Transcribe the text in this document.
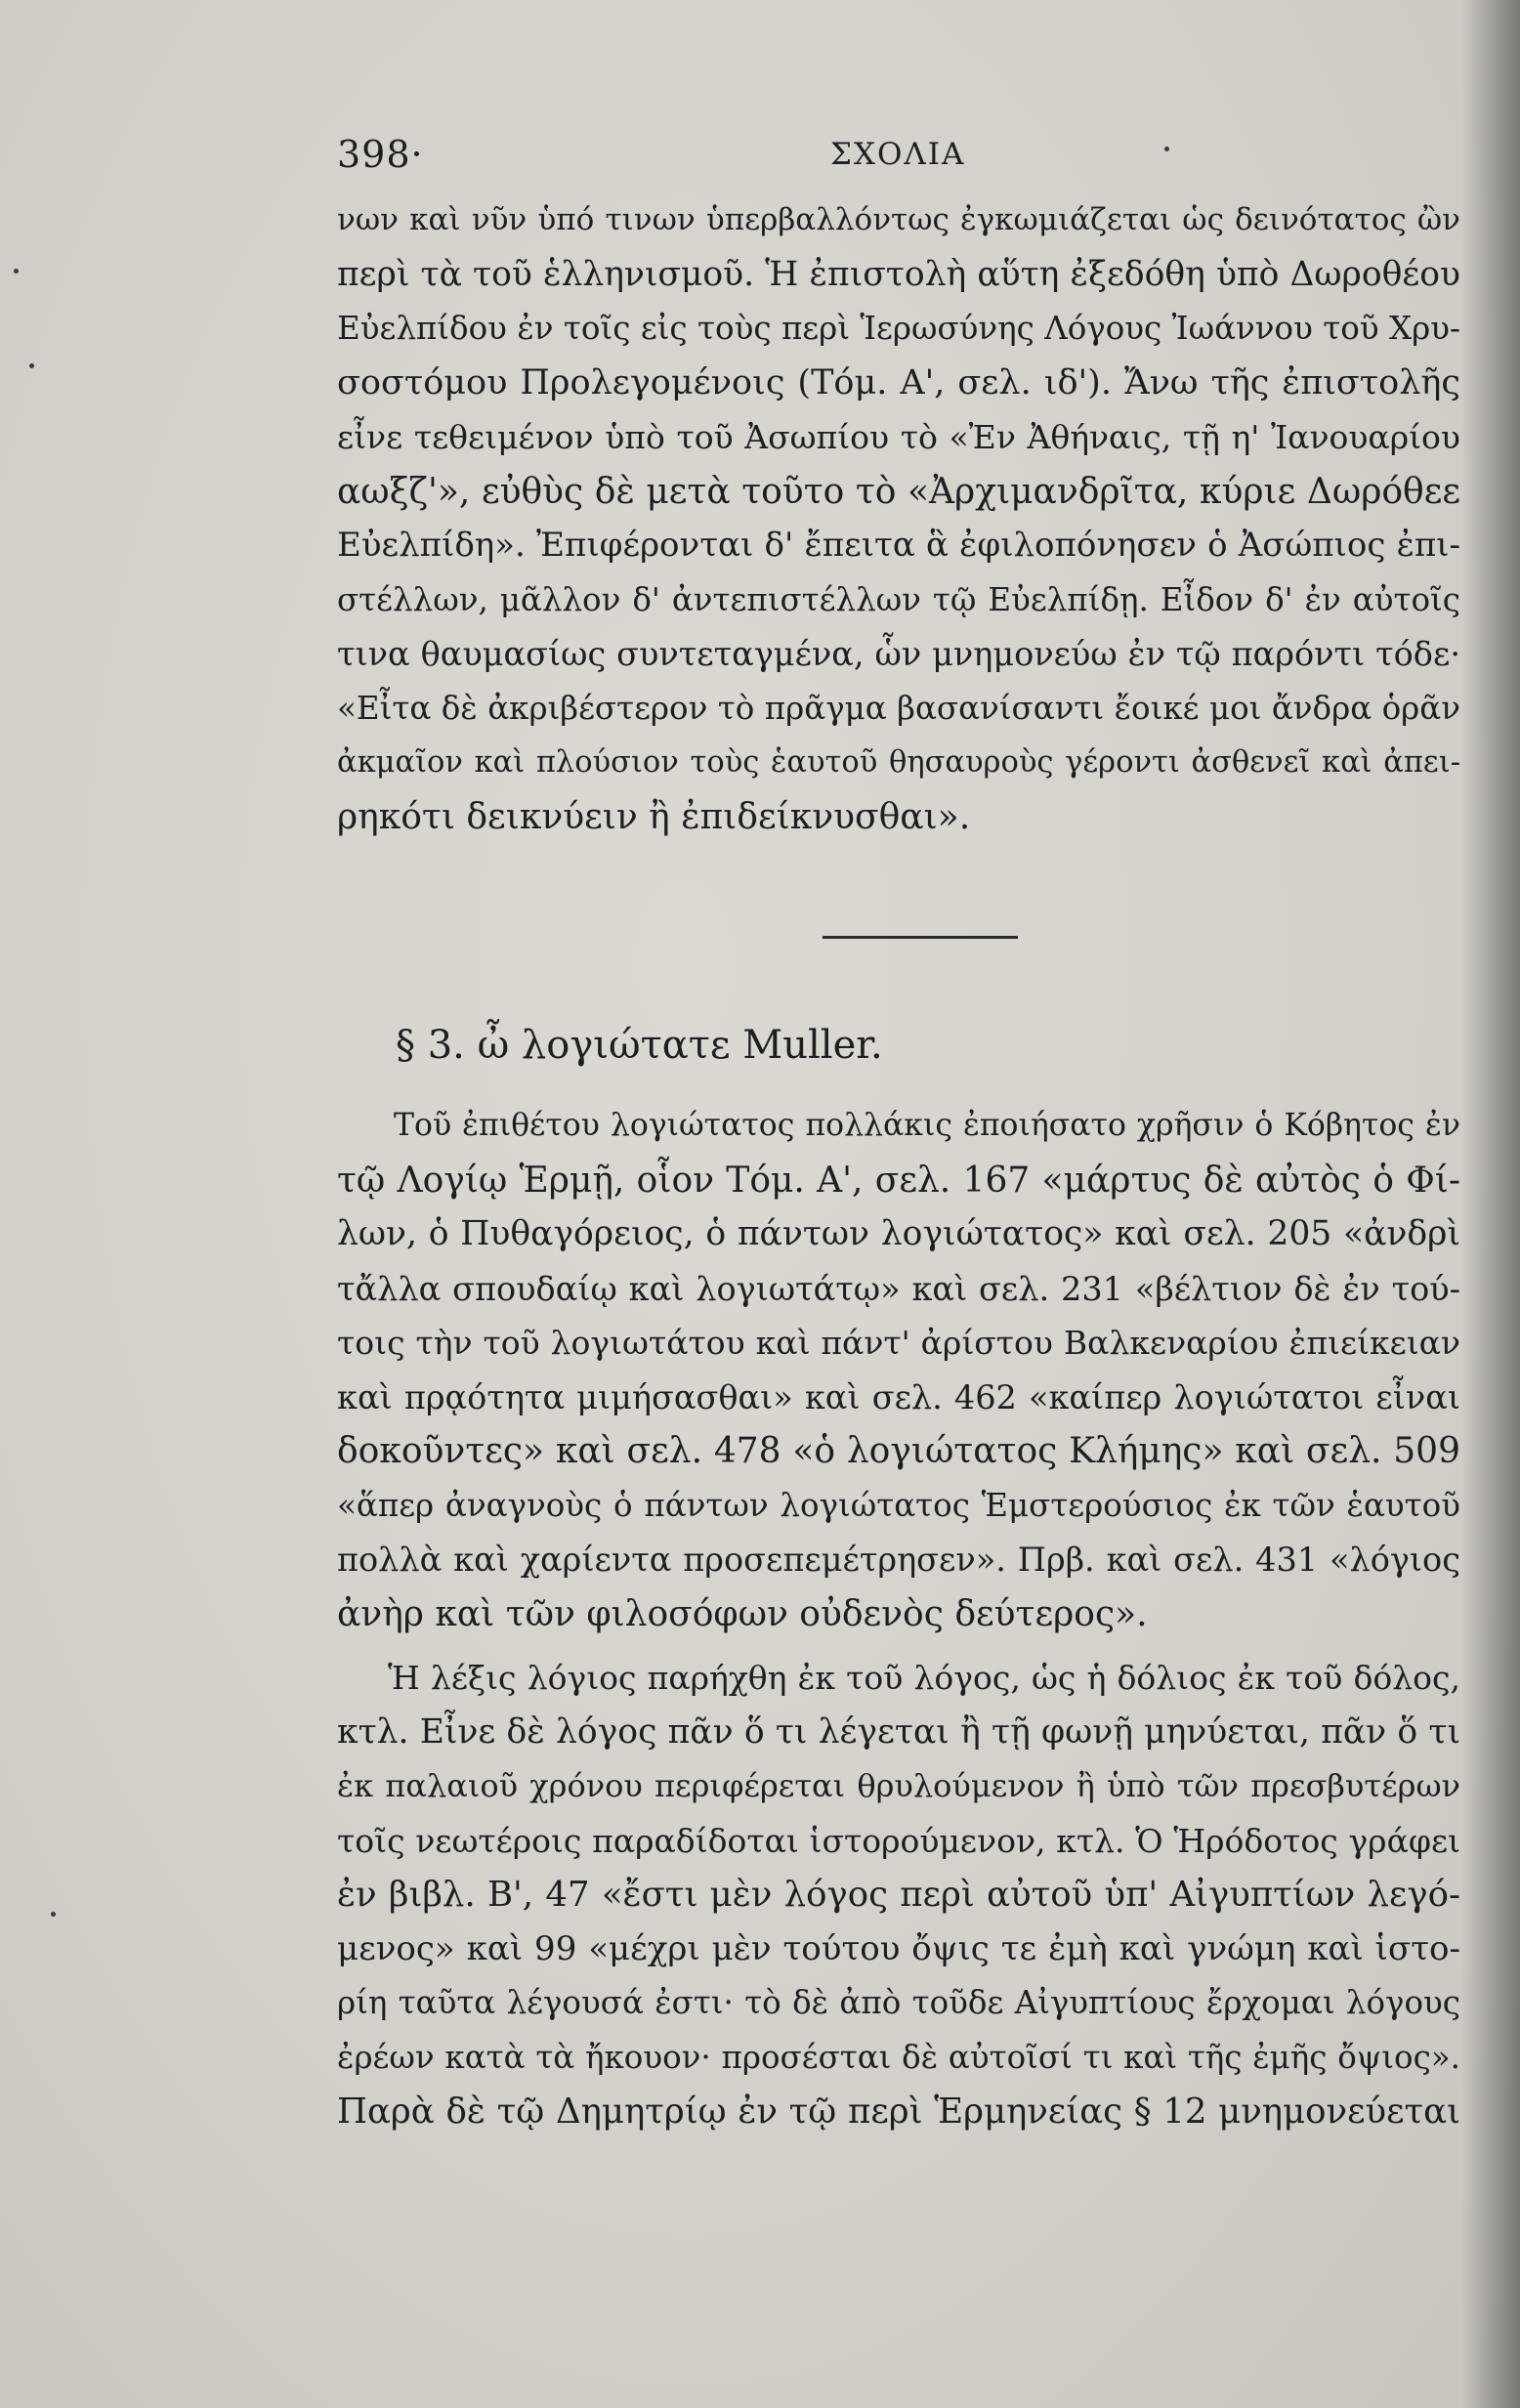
398·	ΣΧΟΛΙΑ
νων καὶ νῦν ὑπό τινων ὑπερβαλλόντως ἐγκωμιάζεται ὡς δεινότατος ὢν
περὶ τὰ τοῦ ἑλληνισμοῦ. Ἡ ἐπιστολὴ αὕτη ἐξεδόθη ὑπὸ Δωροθέου
Εὐελπίδου ἐν τοῖς εἰς τοὺς περὶ Ἱερωσύνης Λόγους Ἰωάννου τοῦ Χρυ-
σοστόμου Προλεγομένοις (Τόμ. Α', σελ. ιδ'). Ἄνω τῆς ἐπιστολῆς
εἶνε τεθειμένον ὑπὸ τοῦ Ἀσωπίου τὸ «Ἐν Ἀθήναις, τῇ η' Ἰανουαρίου
αωξζ'», εὐθὺς δὲ μετὰ τοῦτο τὸ «Ἀρχιμανδρῖτα, κύριε Δωρόθεε
Εὐελπίδη». Ἐπιφέρονται δ' ἔπειτα ἃ ἐφιλοπόνησεν ὁ Ἀσώπιος ἐπι-
στέλλων, μᾶλλον δ' ἀντεπιστέλλων τῷ Εὐελπίδῃ. Εἶδον δ' ἐν αὐτοῖς
τινα θαυμασίως συντεταγμένα, ὧν μνημονεύω ἐν τῷ παρόντι τόδε·
«Εἶτα δὲ ἀκριβέστερον τὸ πρᾶγμα βασανίσαντι ἔοικέ μοι ἄνδρα ὁρᾶν
ἀκμαῖον καὶ πλούσιον τοὺς ἑαυτοῦ θησαυροὺς γέροντι ἀσθενεῖ καὶ ἀπει-
ρηκότι δεικνύειν ἢ ἐπιδείκνυσθαι».
§ 3. ὦ λογιώτατε Muller.
Τοῦ ἐπιθέτου λογιώτατος πολλάκις ἐποιήσατο χρῆσιν ὁ Κόβητος ἐν
τῷ Λογίῳ Ἑρμῇ, οἷον Τόμ. Α', σελ. 167 «μάρτυς δὲ αὐτὸς ὁ Φί-
λων, ὁ Πυθαγόρειος, ὁ πάντων λογιώτατος» καὶ σελ. 205 «ἀνδρὶ
τἄλλα σπουδαίῳ καὶ λογιωτάτῳ» καὶ σελ. 231 «βέλτιον δὲ ἐν τού-
τοις τὴν τοῦ λογιωτάτου καὶ πάντ' ἀρίστου Βαλκεναρίου ἐπιείκειαν
καὶ πρᾳότητα μιμήσασθαι» καὶ σελ. 462 «καίπερ λογιώτατοι εἶναι
δοκοῦντες» καὶ σελ. 478 «ὁ λογιώτατος Κλήμης» καὶ σελ. 509
«ἅπερ ἀναγνοὺς ὁ πάντων λογιώτατος Ἑμστερούσιος ἐκ τῶν ἑαυτοῦ
πολλὰ καὶ χαρίεντα προσεπεμέτρησεν». Πρβ. καὶ σελ. 431 «λόγιος
ἀνὴρ καὶ τῶν φιλοσόφων οὐδενὸς δεύτερος».
Ἡ λέξις λόγιος παρήχθη ἐκ τοῦ λόγος, ὡς ἡ δόλιος ἐκ τοῦ δόλος,
κτλ. Εἶνε δὲ λόγος πᾶν ὅ τι λέγεται ἢ τῇ φωνῇ μηνύεται, πᾶν ὅ τι
ἐκ παλαιοῦ χρόνου περιφέρεται θρυλούμενον ἢ ὑπὸ τῶν πρεσβυτέρων
τοῖς νεωτέροις παραδίδοται ἱστορούμενον, κτλ. Ὁ Ἡρόδοτος γράφει
ἐν βιβλ. Β', 47 «ἔστι μὲν λόγος περὶ αὐτοῦ ὑπ' Αἰγυπτίων λεγό-
μενος» καὶ 99 «μέχρι μὲν τούτου ὄψις τε ἐμὴ καὶ γνώμη καὶ ἱστο-
ρίη ταῦτα λέγουσά ἐστι· τὸ δὲ ἀπὸ τοῦδε Αἰγυπτίους ἔρχομαι λόγους
ἐρέων κατὰ τὰ ἤκουον· προσέσται δὲ αὐτοῖσί τι καὶ τῆς ἐμῆς ὄψιος».
Παρὰ δὲ τῷ Δημητρίῳ ἐν τῷ περὶ Ἑρμηνείας § 12 μνημονεύεται
